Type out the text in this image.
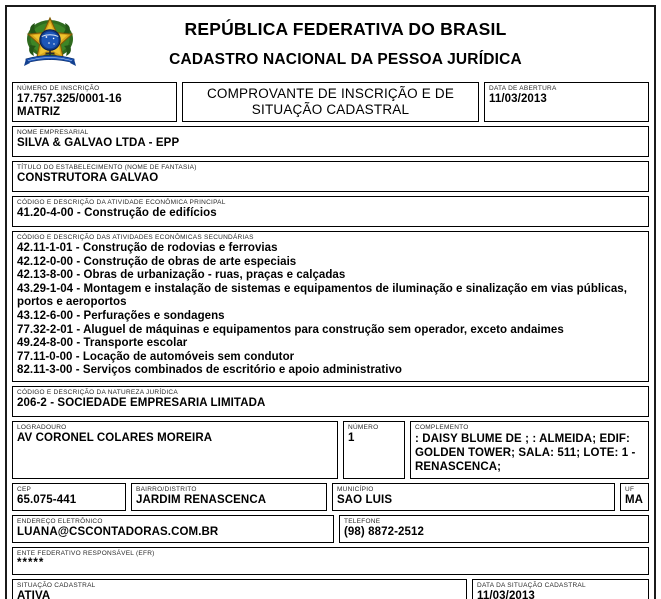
REPÚBLICA FEDERATIVA DO BRASIL
CADASTRO NACIONAL DA PESSOA JURÍDICA
NÚMERO DE INSCRIÇÃO
17.757.325/0001-16
MATRIZ
COMPROVANTE DE INSCRIÇÃO E DE SITUAÇÃO CADASTRAL
DATA DE ABERTURA
11/03/2013
NOME EMPRESARIAL
SILVA & GALVAO LTDA - EPP
TÍTULO DO ESTABELECIMENTO (NOME DE FANTASIA)
CONSTRUTORA GALVAO
CÓDIGO E DESCRIÇÃO DA ATIVIDADE ECONÔMICA PRINCIPAL
41.20-4-00 - Construção de edifícios
CÓDIGO E DESCRIÇÃO DAS ATIVIDADES ECONÔMICAS SECUNDÁRIAS
42.11-1-01 - Construção de rodovias e ferrovias
42.12-0-00 - Construção de obras de arte especiais
42.13-8-00 - Obras de urbanização - ruas, praças e calçadas
43.29-1-04 - Montagem e instalação de sistemas e equipamentos de iluminação e sinalização em vias públicas, portos e aeroportos
43.12-6-00 - Perfurações e sondagens
77.32-2-01 - Aluguel de máquinas e equipamentos para construção sem operador, exceto andaimes
49.24-8-00 - Transporte escolar
77.11-0-00 - Locação de automóveis sem condutor
82.11-3-00 - Serviços combinados de escritório e apoio administrativo
CÓDIGO E DESCRIÇÃO DA NATUREZA JURÍDICA
206-2 - SOCIEDADE EMPRESARIA LIMITADA
LOGRADOURO
AV CORONEL COLARES MOREIRA
NÚMERO
1
COMPLEMENTO
: DAISY BLUME DE ; : ALMEIDA; EDIF: GOLDEN TOWER; SALA: 511; LOTE: 1 - RENASCENCA;
CEP
65.075-441
BAIRRO/DISTRITO
JARDIM RENASCENCA
MUNICÍPIO
SAO LUIS
UF
MA
ENDEREÇO ELETRÔNICO
LUANA@CSCONTADORAS.COM.BR
TELEFONE
(98) 8872-2512
ENTE FEDERATIVO RESPONSÁVEL (EFR)
*****
SITUAÇÃO CADASTRAL
ATIVA
DATA DA SITUAÇÃO CADASTRAL
11/03/2013
